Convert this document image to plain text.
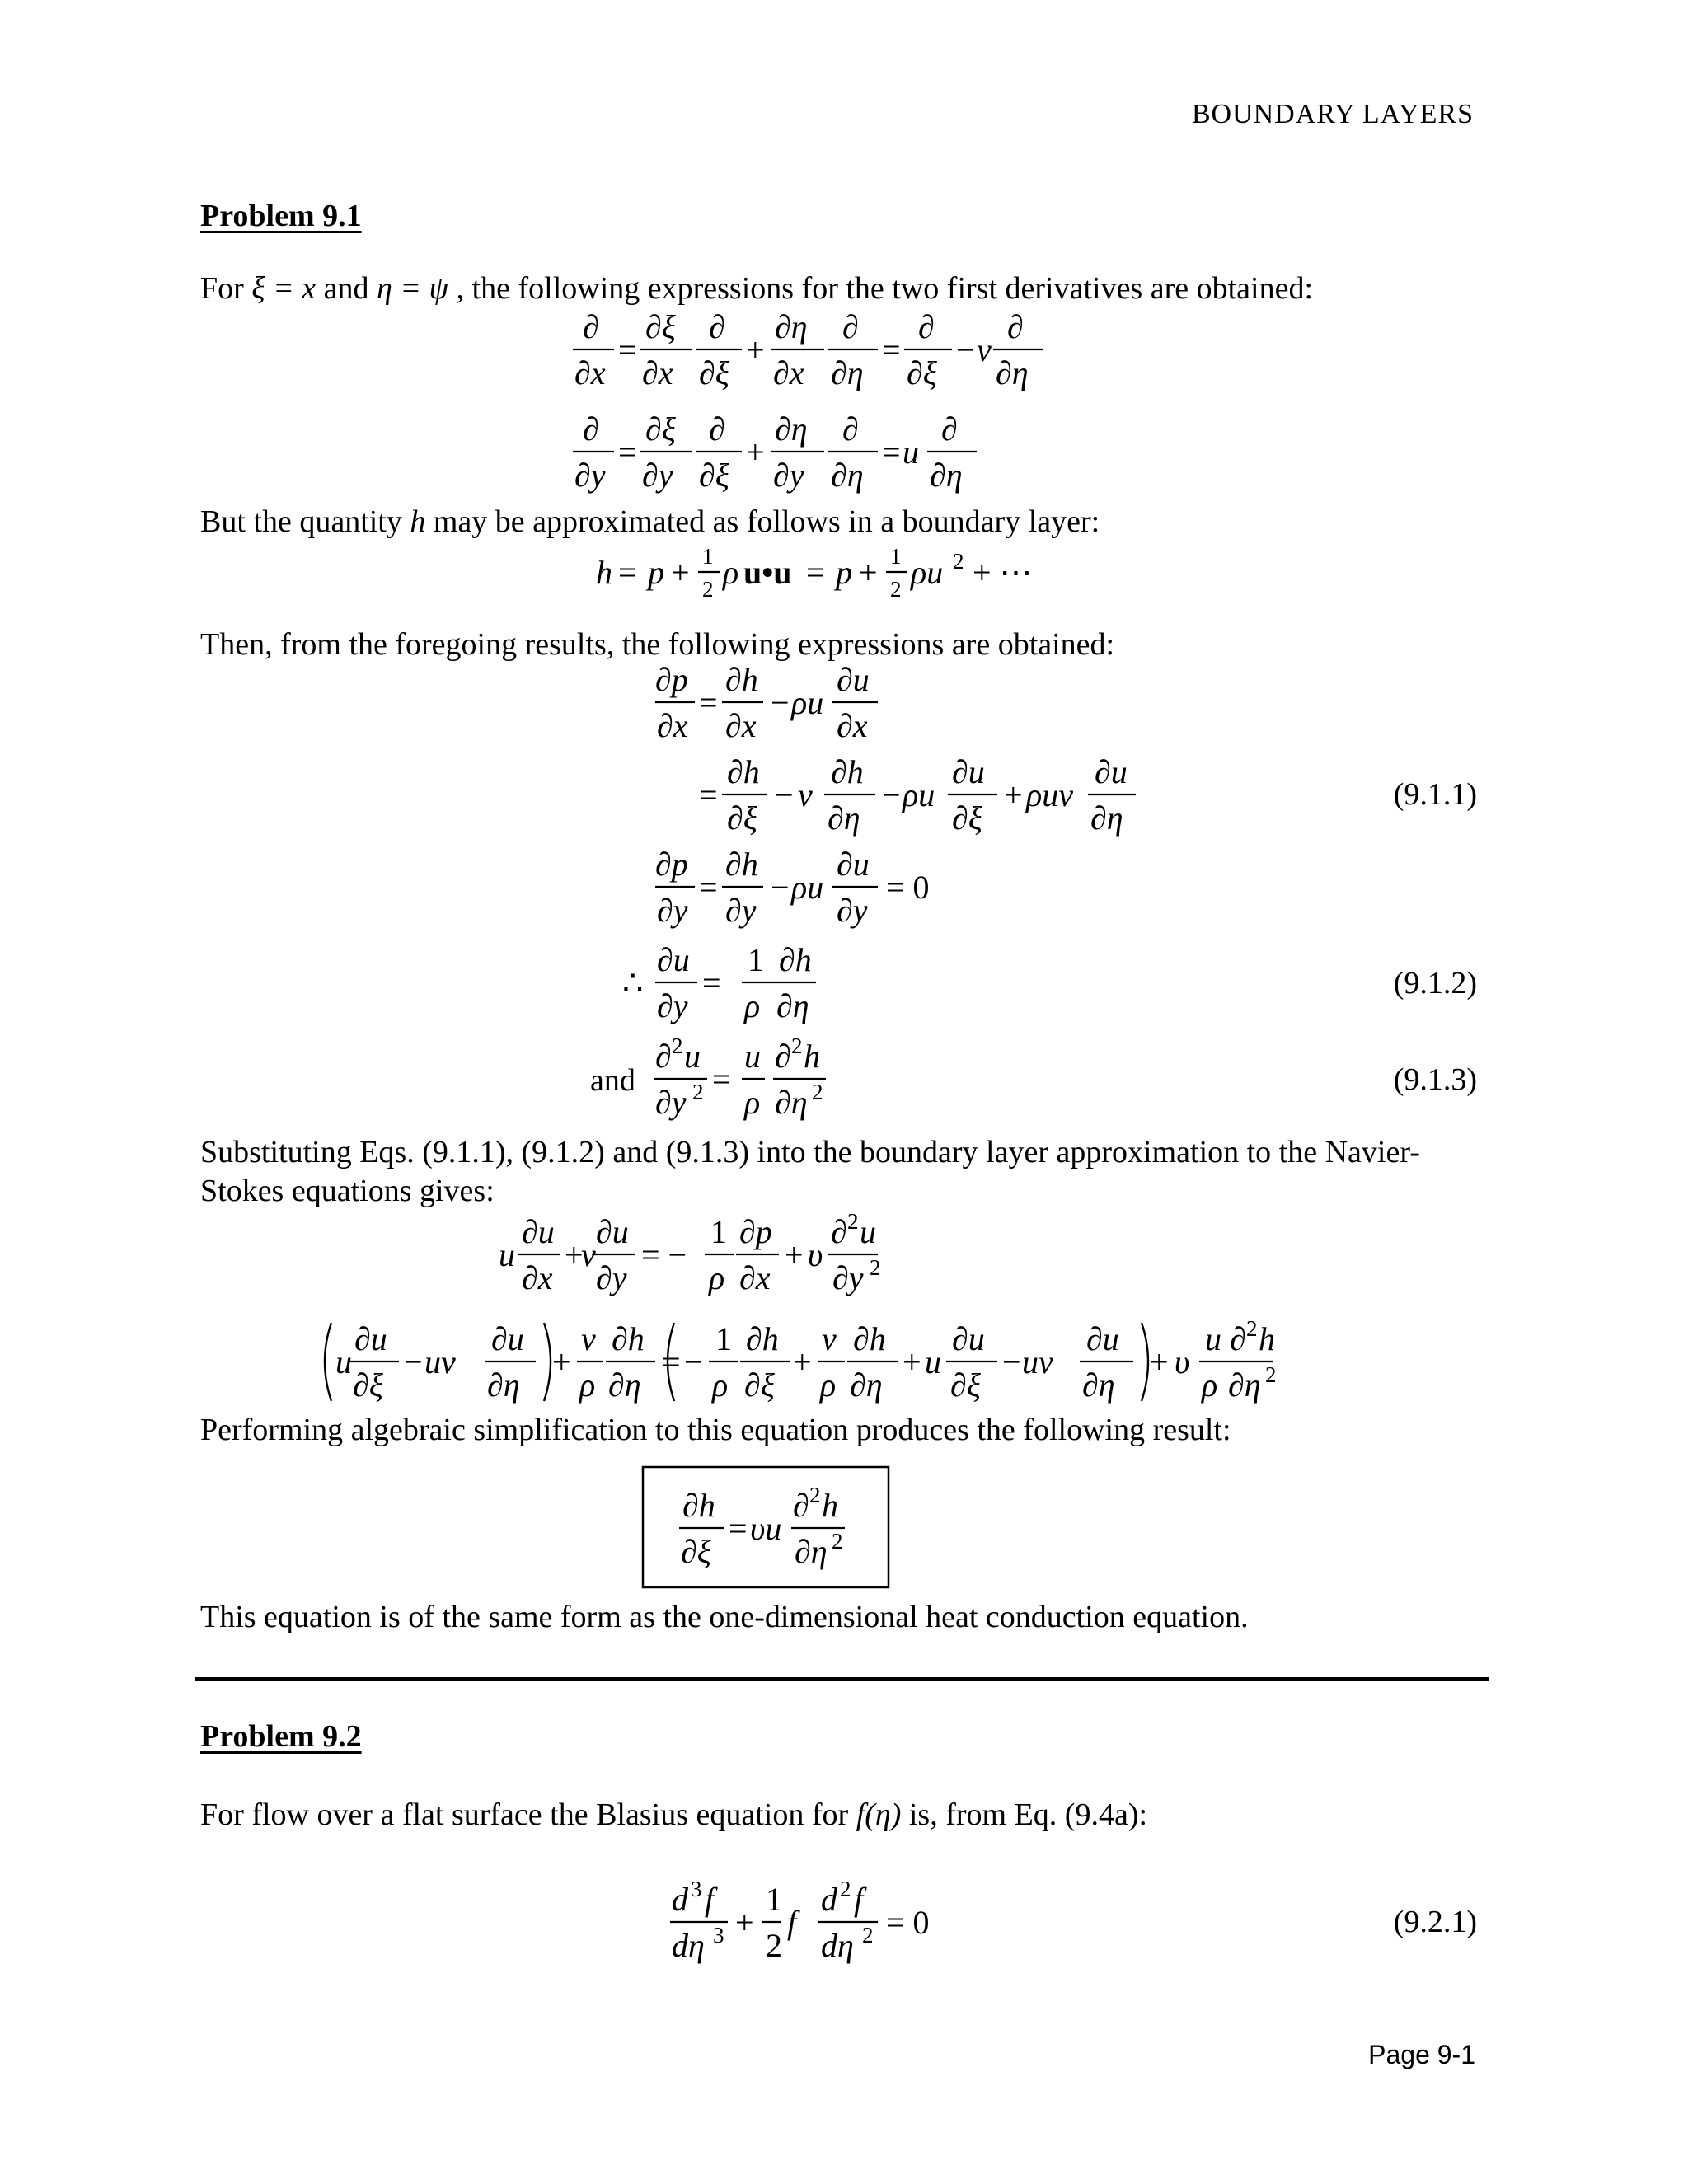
BOUNDARY LAYERS
Problem 9.1
For ξ = x and η = ψ , the following expressions for the two first derivatives are obtained:
But the quantity h may be approximated as follows in a boundary layer:
Then, from the foregoing results, the following expressions are obtained:
(9.1.1)
(9.1.2)
(9.1.3)
and
Substituting Eqs. (9.1.1), (9.1.2) and (9.1.3) into the boundary layer approximation to the Navier-
Stokes equations gives:
Performing algebraic simplification to this equation produces the following result:
This equation is of the same form as the one-dimensional heat conduction equation.
Problem 9.2
For flow over a flat surface the Blasius equation for f(η) is, from Eq. (9.4a):
(9.2.1)
Page 9-1
∂
∂x
=
∂ξ
∂x
∂
∂ξ
+
∂η
∂x
∂
∂η
=
∂
∂ξ
− v
∂
∂η
∂
∂y
=
∂ξ
∂y
∂
∂ξ
+
∂η
∂y
∂
∂η
= u
∂
∂η
h = p + 1
2 ρ u•u = p + 1
2 ρu 2 + ⋯
∂p
∂x
=
∂h
∂x
− ρu
∂u
∂x
=
∂h
∂ξ
− v
∂h
∂η
− ρu
∂u
∂ξ
+ ρuv
∂u
∂η
∂p
∂y
=
∂h
∂y
− ρu
∂u
∂y
= 0
∴
∂u
∂y
=
1
ρ
∂h
∂η
∂ 2 u
∂y 2 =
u
ρ
∂ 2 h
∂η 2
u
∂u
∂x
+
v
∂u
∂y
= −
1
ρ
∂p
∂x
+ υ
∂ 2 u
∂y 2
u
∂u
∂ξ
− uv
∂u
∂η
+
v
ρ
∂h
∂η
= −
1
ρ
∂h
∂ξ
+
v
ρ
∂h
∂η
+ u
∂u
∂ξ
− uv
∂u
∂η
+ υ
u
ρ
∂ 2 h
∂η 2
∂h
∂ξ
= υu
∂ 2 h
∂η 2
d 3 f
dη 3 +
1
2
f
d 2 f
dη 2 = 0
